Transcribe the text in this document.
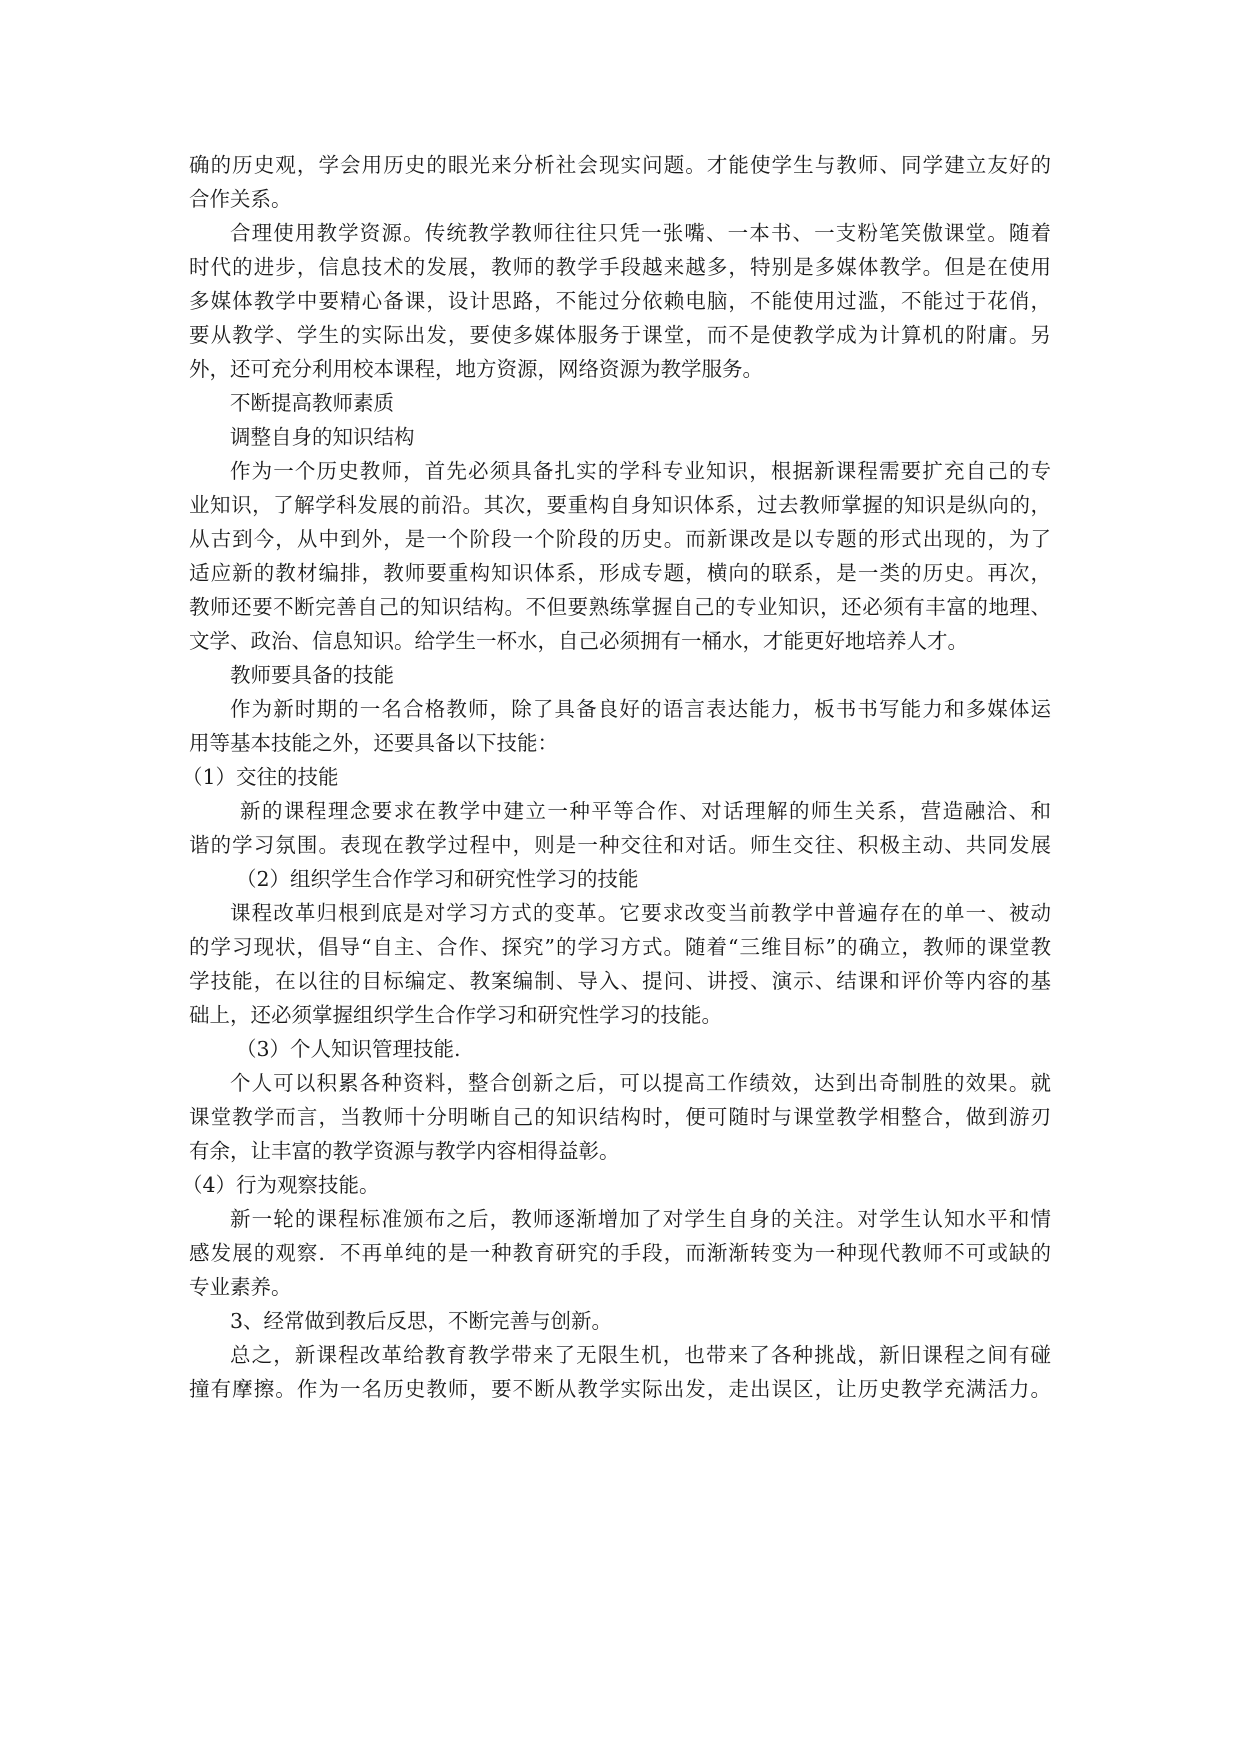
确的历史观，学会用历史的眼光来分析社会现实问题。才能使学生与教师、同学建立友好的
合作关系。
合理使用教学资源。传统教学教师往往只凭一张嘴、一本书、一支粉笔笑傲课堂。随着
时代的进步，信息技术的发展，教师的教学手段越来越多，特别是多媒体教学。但是在使用
多媒体教学中要精心备课，设计思路，不能过分依赖电脑，不能使用过滥，不能过于花俏，
要从教学、学生的实际出发，要使多媒体服务于课堂，而不是使教学成为计算机的附庸。另
外，还可充分利用校本课程，地方资源，网络资源为教学服务。
不断提高教师素质
调整自身的知识结构
作为一个历史教师，首先必须具备扎实的学科专业知识，根据新课程需要扩充自己的专
业知识，了解学科发展的前沿。其次，要重构自身知识体系，过去教师掌握的知识是纵向的，
从古到今，从中到外，是一个阶段一个阶段的历史。而新课改是以专题的形式出现的，为了
适应新的教材编排，教师要重构知识体系，形成专题，横向的联系，是一类的历史。再次，
教师还要不断完善自己的知识结构。不但要熟练掌握自己的专业知识，还必须有丰富的地理、
文学、政治、信息知识。给学生一杯水，自己必须拥有一桶水，才能更好地培养人才。
教师要具备的技能
作为新时期的一名合格教师，除了具备良好的语言表达能力，板书书写能力和多媒体运
用等基本技能之外，还要具备以下技能：
（1）交往的技能
新的课程理念要求在教学中建立一种平等合作、对话理解的师生关系，营造融洽、和
谐的学习氛围。表现在教学过程中，则是一种交往和对话。师生交往、积极主动、共同发展
（2）组织学生合作学习和研究性学习的技能
课程改革归根到底是对学习方式的变革。它要求改变当前教学中普遍存在的单一、被动
的学习现状，倡导“自主、合作、探究”的学习方式。随着“三维目标”的确立，教师的课堂教
学技能，在以往的目标编定、教案编制、导入、提问、讲授、演示、结课和评价等内容的基
础上，还必须掌握组织学生合作学习和研究性学习的技能。
（3）个人知识管理技能.
个人可以积累各种资料，整合创新之后，可以提高工作绩效，达到出奇制胜的效果。就
课堂教学而言，当教师十分明晰自己的知识结构时，便可随时与课堂教学相整合，做到游刃
有余，让丰富的教学资源与教学内容相得益彰。
（4）行为观察技能。
新一轮的课程标准颁布之后，教师逐渐增加了对学生自身的关注。对学生认知水平和情
感发展的观察．不再单纯的是一种教育研究的手段，而渐渐转变为一种现代教师不可或缺的
专业素养。
3、经常做到教后反思，不断完善与创新。
总之，新课程改革给教育教学带来了无限生机，也带来了各种挑战，新旧课程之间有碰
撞有摩擦。作为一名历史教师，要不断从教学实际出发，走出误区，让历史教学充满活力。
